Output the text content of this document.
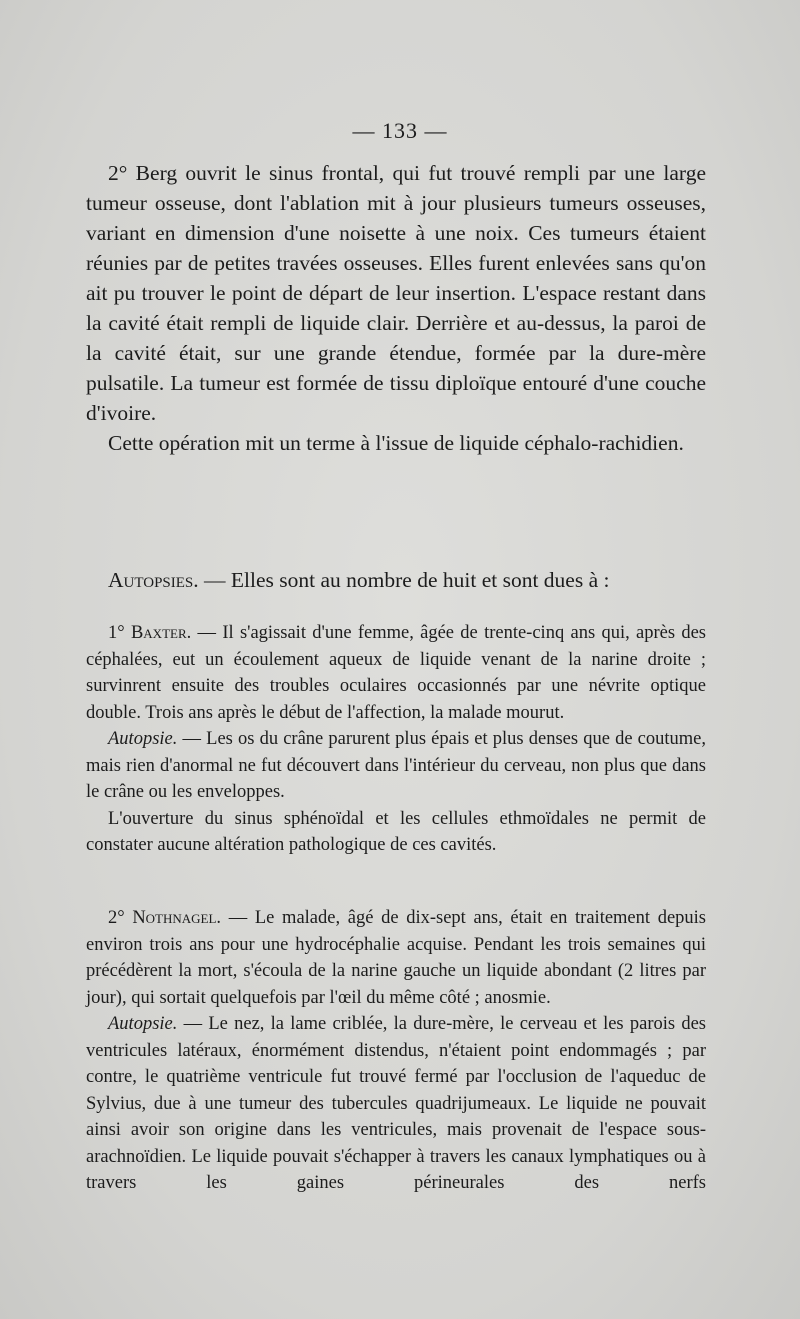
— 133 —

2° Berg ouvrit le sinus frontal, qui fut trouvé rempli par une large tumeur osseuse, dont l'ablation mit à jour plusieurs tumeurs osseuses, variant en dimension d'une noisette à une noix. Ces tumeurs étaient réunies par de petites travées osseuses. Elles furent enlevées sans qu'on ait pu trouver le point de départ de leur insertion. L'espace restant dans la cavité était rempli de liquide clair. Derrière et au-dessus, la paroi de la cavité était, sur une grande étendue, formée par la dure-mère pulsatile. La tumeur est formée de tissu diploïque entouré d'une couche d'ivoire.

Cette opération mit un terme à l'issue de liquide céphalo-rachidien.

Autopsies. — Elles sont au nombre de huit et sont dues à :

1° Baxter. — Il s'agissait d'une femme, âgée de trente-cinq ans qui, après des céphalées, eut un écoulement aqueux de liquide venant de la narine droite ; survinrent ensuite des troubles oculaires occasionnés par une névrite optique double. Trois ans après le début de l'affection, la malade mourut.

Autopsie. — Les os du crâne parurent plus épais et plus denses que de coutume, mais rien d'anormal ne fut découvert dans l'intérieur du cerveau, non plus que dans le crâne ou les enveloppes.

L'ouverture du sinus sphénoïdal et les cellules ethmoïdales ne permit de constater aucune altération pathologique de ces cavités.

2° Nothnagel. — Le malade, âgé de dix-sept ans, était en traitement depuis environ trois ans pour une hydrocéphalie acquise. Pendant les trois semaines qui précédèrent la mort, s'écoula de la narine gauche un liquide abondant (2 litres par jour), qui sortait quelquefois par l'œil du même côté ; anosmie.

Autopsie. — Le nez, la lame criblée, la dure-mère, le cerveau et les parois des ventricules latéraux, énormément distendus, n'étaient point endommagés ; par contre, le quatrième ventricule fut trouvé fermé par l'occlusion de l'aqueduc de Sylvius, due à une tumeur des tubercules quadrijumeaux. Le liquide ne pouvait ainsi avoir son origine dans les ventricules, mais provenait de l'espace sous-arachnoïdien. Le liquide pouvait s'échapper à travers les canaux lymphatiques ou à travers les gaines périneurales des nerfs
